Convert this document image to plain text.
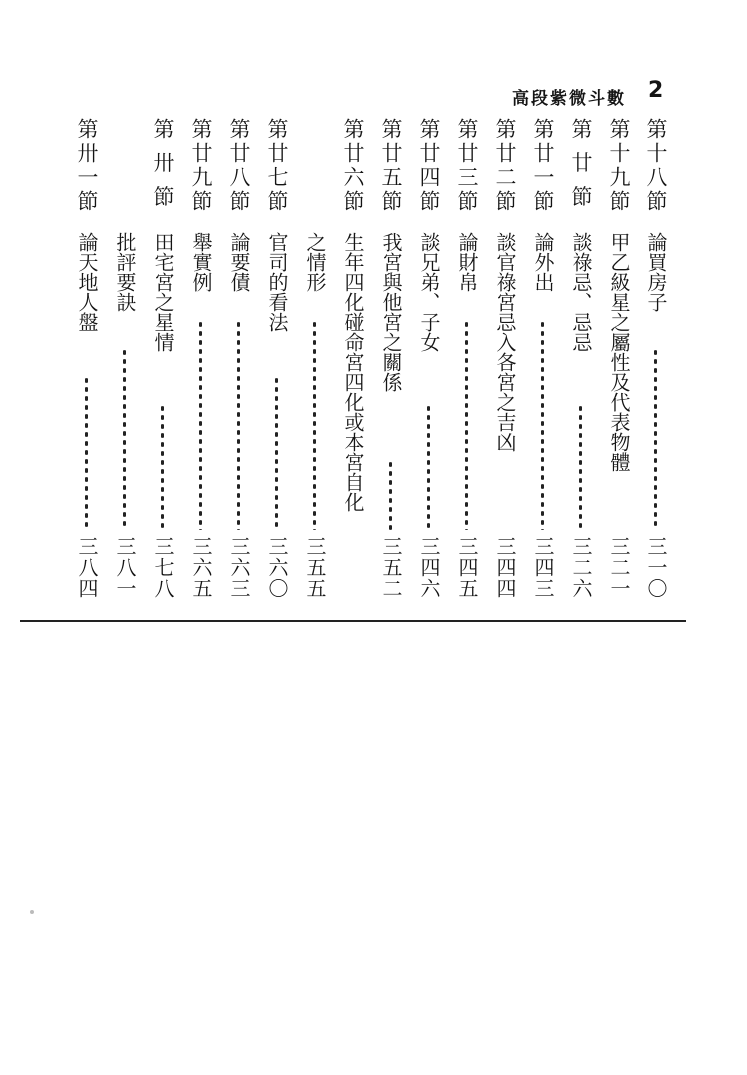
高段紫微斗數 2
第十八節
論買房子
三一〇
第十九節
甲乙級星之屬性及代表物體
三二一
第 廿 節
談祿忌、忌忌
三二六
第廿一節
論外出
三四三
第廿二節
談官祿宮忌入各宮之吉凶
三四四
第廿三節
論財帛
三四五
第廿四節
談兄弟、子女
三四六
第廿五節
我宮與他宮之關係
三五二
第廿六節
生年四化碰命宮四化或本宮自化
之情形
三五五
第廿七節
官司的看法
三六〇
第廿八節
論要債
三六三
第廿九節
舉實例
三六五
第 卅 節
田宅宮之星情
三七八
批評要訣
三八一
第卅一節
論天地人盤
三八四
